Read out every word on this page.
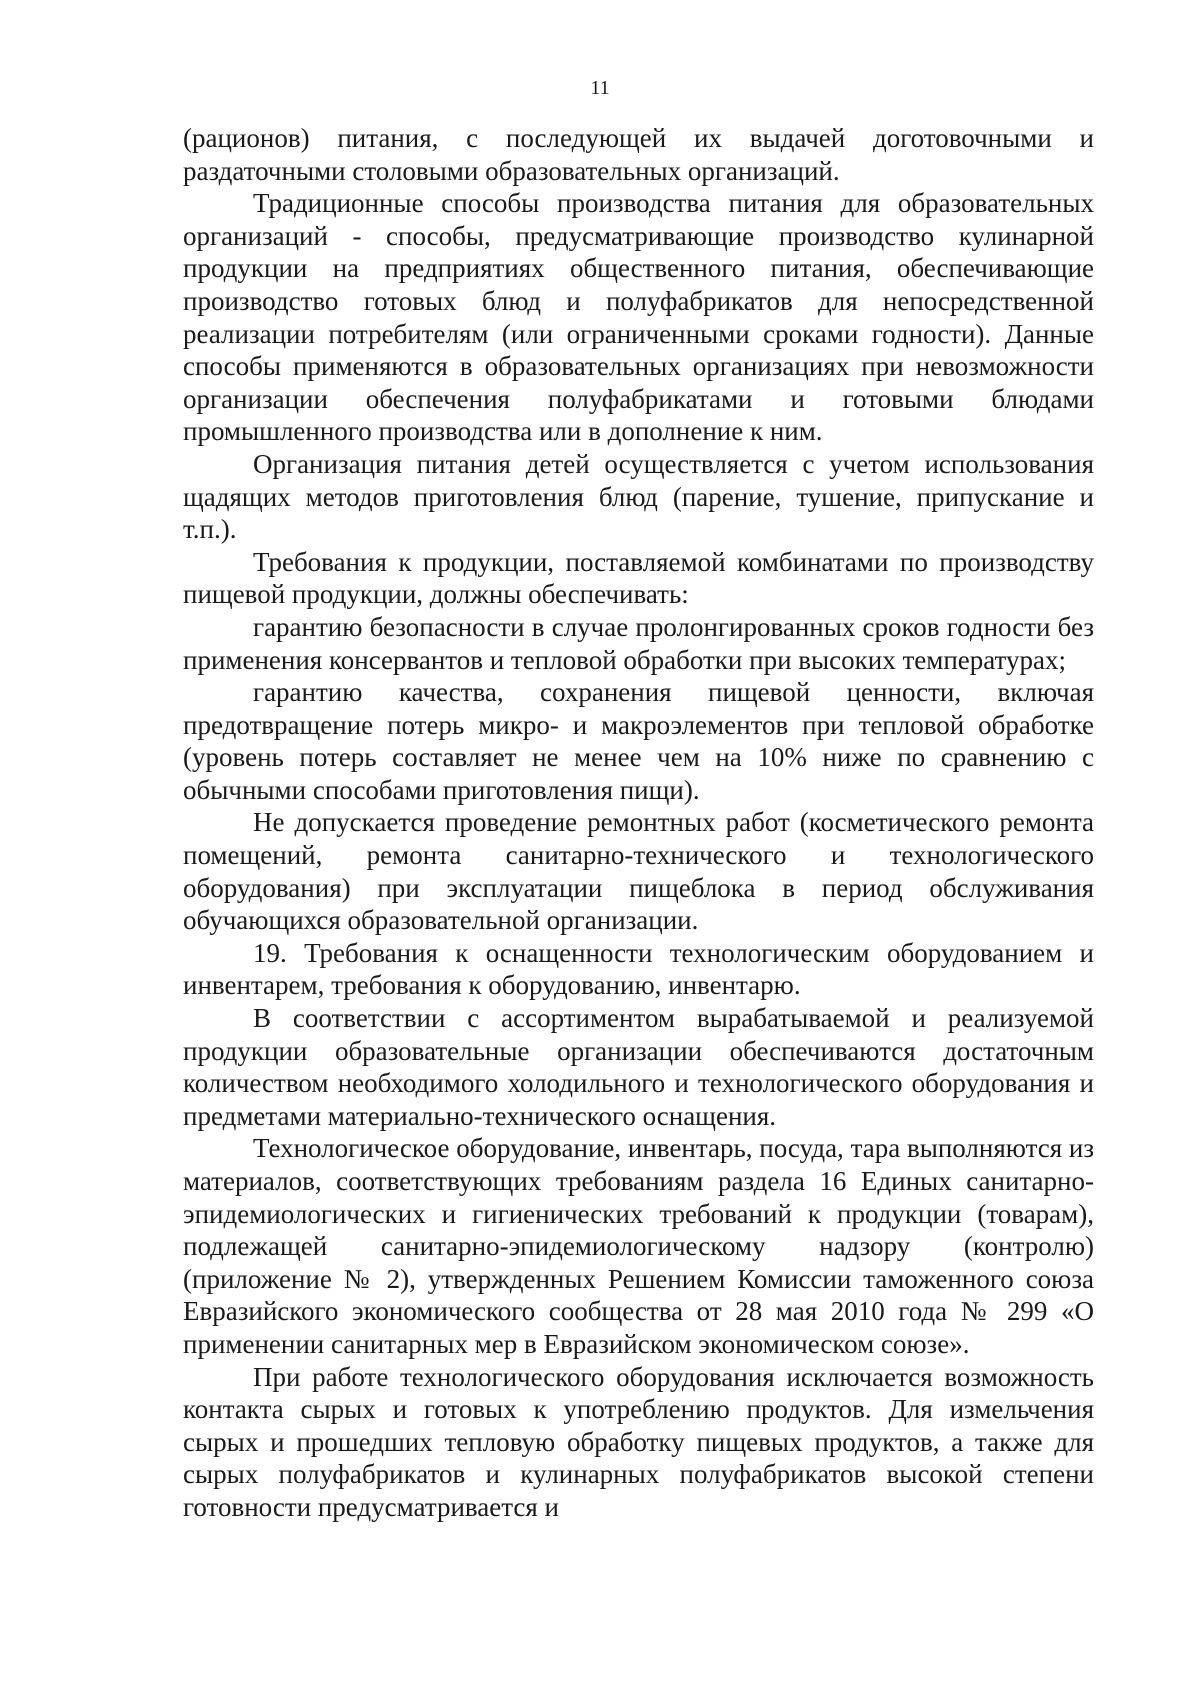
11

(рационов) питания, с последующей их выдачей доготовочными и раздаточными столовыми образовательных организаций.

Традиционные способы производства питания для образовательных организаций - способы, предусматривающие производство кулинарной продукции на предприятиях общественного питания, обеспечивающие производство готовых блюд и полуфабрикатов для непосредственной реализации потребителям (или ограниченными сроками годности). Данные способы применяются в образовательных организациях при невозможности организации обеспечения полуфабрикатами и готовыми блюдами промышленного производства или в дополнение к ним.

Организация питания детей осуществляется с учетом использования щадящих методов приготовления блюд (парение, тушение, припускание и т.п.).

Требования к продукции, поставляемой комбинатами по производству пищевой продукции, должны обеспечивать:

гарантию безопасности в случае пролонгированных сроков годности без применения консервантов и тепловой обработки при высоких температурах;

гарантию качества, сохранения пищевой ценности, включая предотвращение потерь микро- и макроэлементов при тепловой обработке (уровень потерь составляет не менее чем на 10% ниже по сравнению с обычными способами приготовления пищи).

Не допускается проведение ремонтных работ (косметического ремонта помещений, ремонта санитарно-технического и технологического оборудования) при эксплуатации пищеблока в период обслуживания обучающихся образовательной организации.

19. Требования к оснащенности технологическим оборудованием и инвентарем, требования к оборудованию, инвентарю.

В соответствии с ассортиментом вырабатываемой и реализуемой продукции образовательные организации обеспечиваются достаточным количеством необходимого холодильного и технологического оборудования и предметами материально-технического оснащения.

Технологическое оборудование, инвентарь, посуда, тара выполняются из материалов, соответствующих требованиям раздела 16 Единых санитарно-эпидемиологических и гигиенических требований к продукции (товарам), подлежащей санитарно-эпидемиологическому надзору (контролю) (приложение № 2), утвержденных Решением Комиссии таможенного союза Евразийского экономического сообщества от 28 мая 2010 года № 299 «О применении санитарных мер в Евразийском экономическом союзе».

При работе технологического оборудования исключается возможность контакта сырых и готовых к употреблению продуктов. Для измельчения сырых и прошедших тепловую обработку пищевых продуктов, а также для сырых полуфабрикатов и кулинарных полуфабрикатов высокой степени готовности предусматривается и
